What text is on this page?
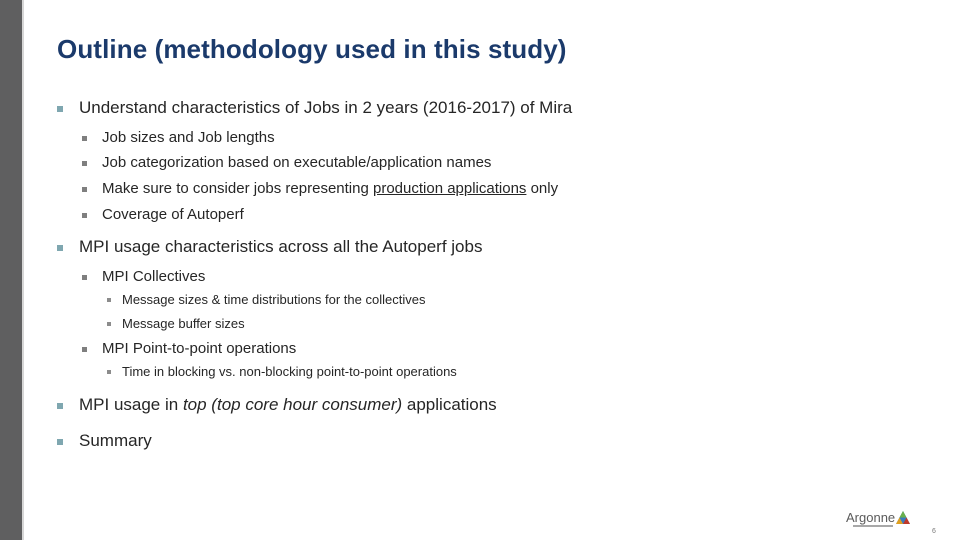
Outline (methodology used in this study)
Understand characteristics of Jobs in 2 years (2016-2017) of Mira
Job sizes and Job lengths
Job categorization based on executable/application names
Make sure to consider jobs representing production applications only
Coverage of Autoperf
MPI usage characteristics across all the Autoperf jobs
MPI Collectives
Message sizes & time distributions for the collectives
Message buffer sizes
MPI Point-to-point operations
Time in blocking vs. non-blocking point-to-point operations
MPI usage in top (top core hour consumer) applications
Summary
Argonne
6
